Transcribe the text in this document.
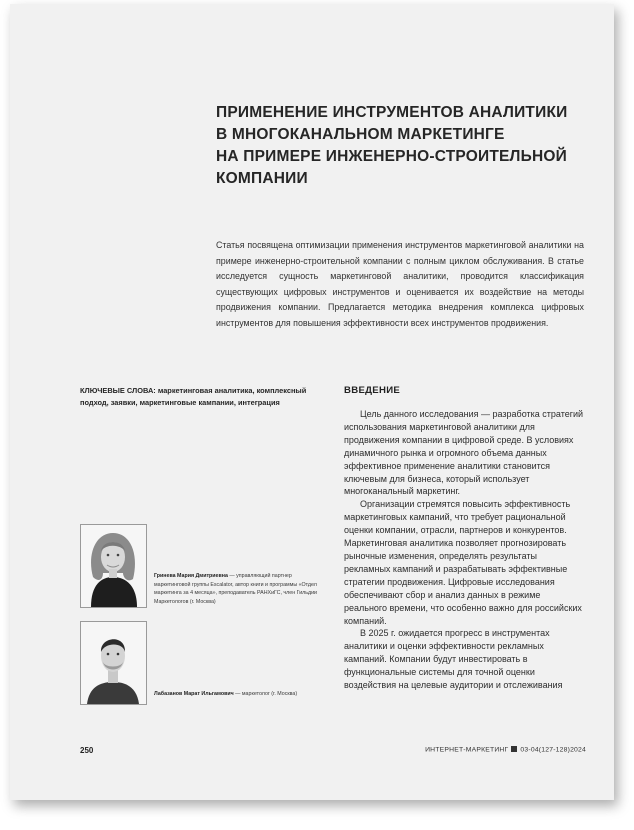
ПРИМЕНЕНИЕ ИНСТРУМЕНТОВ АНАЛИТИКИ
В МНОГОКАНАЛЬНОМ МАРКЕТИНГЕ
НА ПРИМЕРЕ ИНЖЕНЕРНО-СТРОИТЕЛЬНОЙ
КОМПАНИИ

Статья посвящена оптимизации применения инструментов маркетинговой аналитики на примере инженерно-строительной компании с полным циклом обслуживания. В статье исследуется сущность маркетинговой аналитики, проводится классификация существующих цифровых инструментов и оценивается их воздействие на методы продвижения компании. Предлагается методика внедрения комплекса цифровых инструментов для повышения эффективности всех инструментов продвижения.

КЛЮЧЕВЫЕ СЛОВА: маркетинговая аналитика, комплексный подход, заявки, маркетинговые кампании, интеграция

Гринева Мария Дмитриевна — управляющий партнер маркетинговой группы Escalator, автор книги и программы «Отдел маркетинга за 4 месяца», преподаватель РАНХиГС, член Гильдии Маркетологов (г. Москва)
Лабазанов Марат Ильгамович — маркетолог (г. Москва)
ВВЕДЕНИЕ

Цель данного исследования — разработка стратегий использования маркетинговой аналитики для продвижения компании в цифровой среде. В условиях динамичного рынка и огромного объема данных эффективное применение аналитики становится ключевым для бизнеса, который использует многоканальный маркетинг.

Организации стремятся повысить эффективность маркетинговых кампаний, что требует рациональной оценки компании, отрасли, партнеров и конкурентов. Маркетинговая аналитика позволяет прогнозировать рыночные изменения, определять результаты рекламных кампаний и разрабатывать эффективные стратегии продвижения. Цифровые исследования обеспечивают сбор и анализ данных в режиме реального времени, что особенно важно для российских компаний.

В 2025 г. ожидается прогресс в инструментах аналитики и оценки эффективности рекламных кампаний. Компании будут инвестировать в функциональные системы для точной оценки воздействия на целевые аудитории и отслеживания

250	ИНТЕРНЕТ-МАРКЕТИНГ 03-04(127-128)2024
